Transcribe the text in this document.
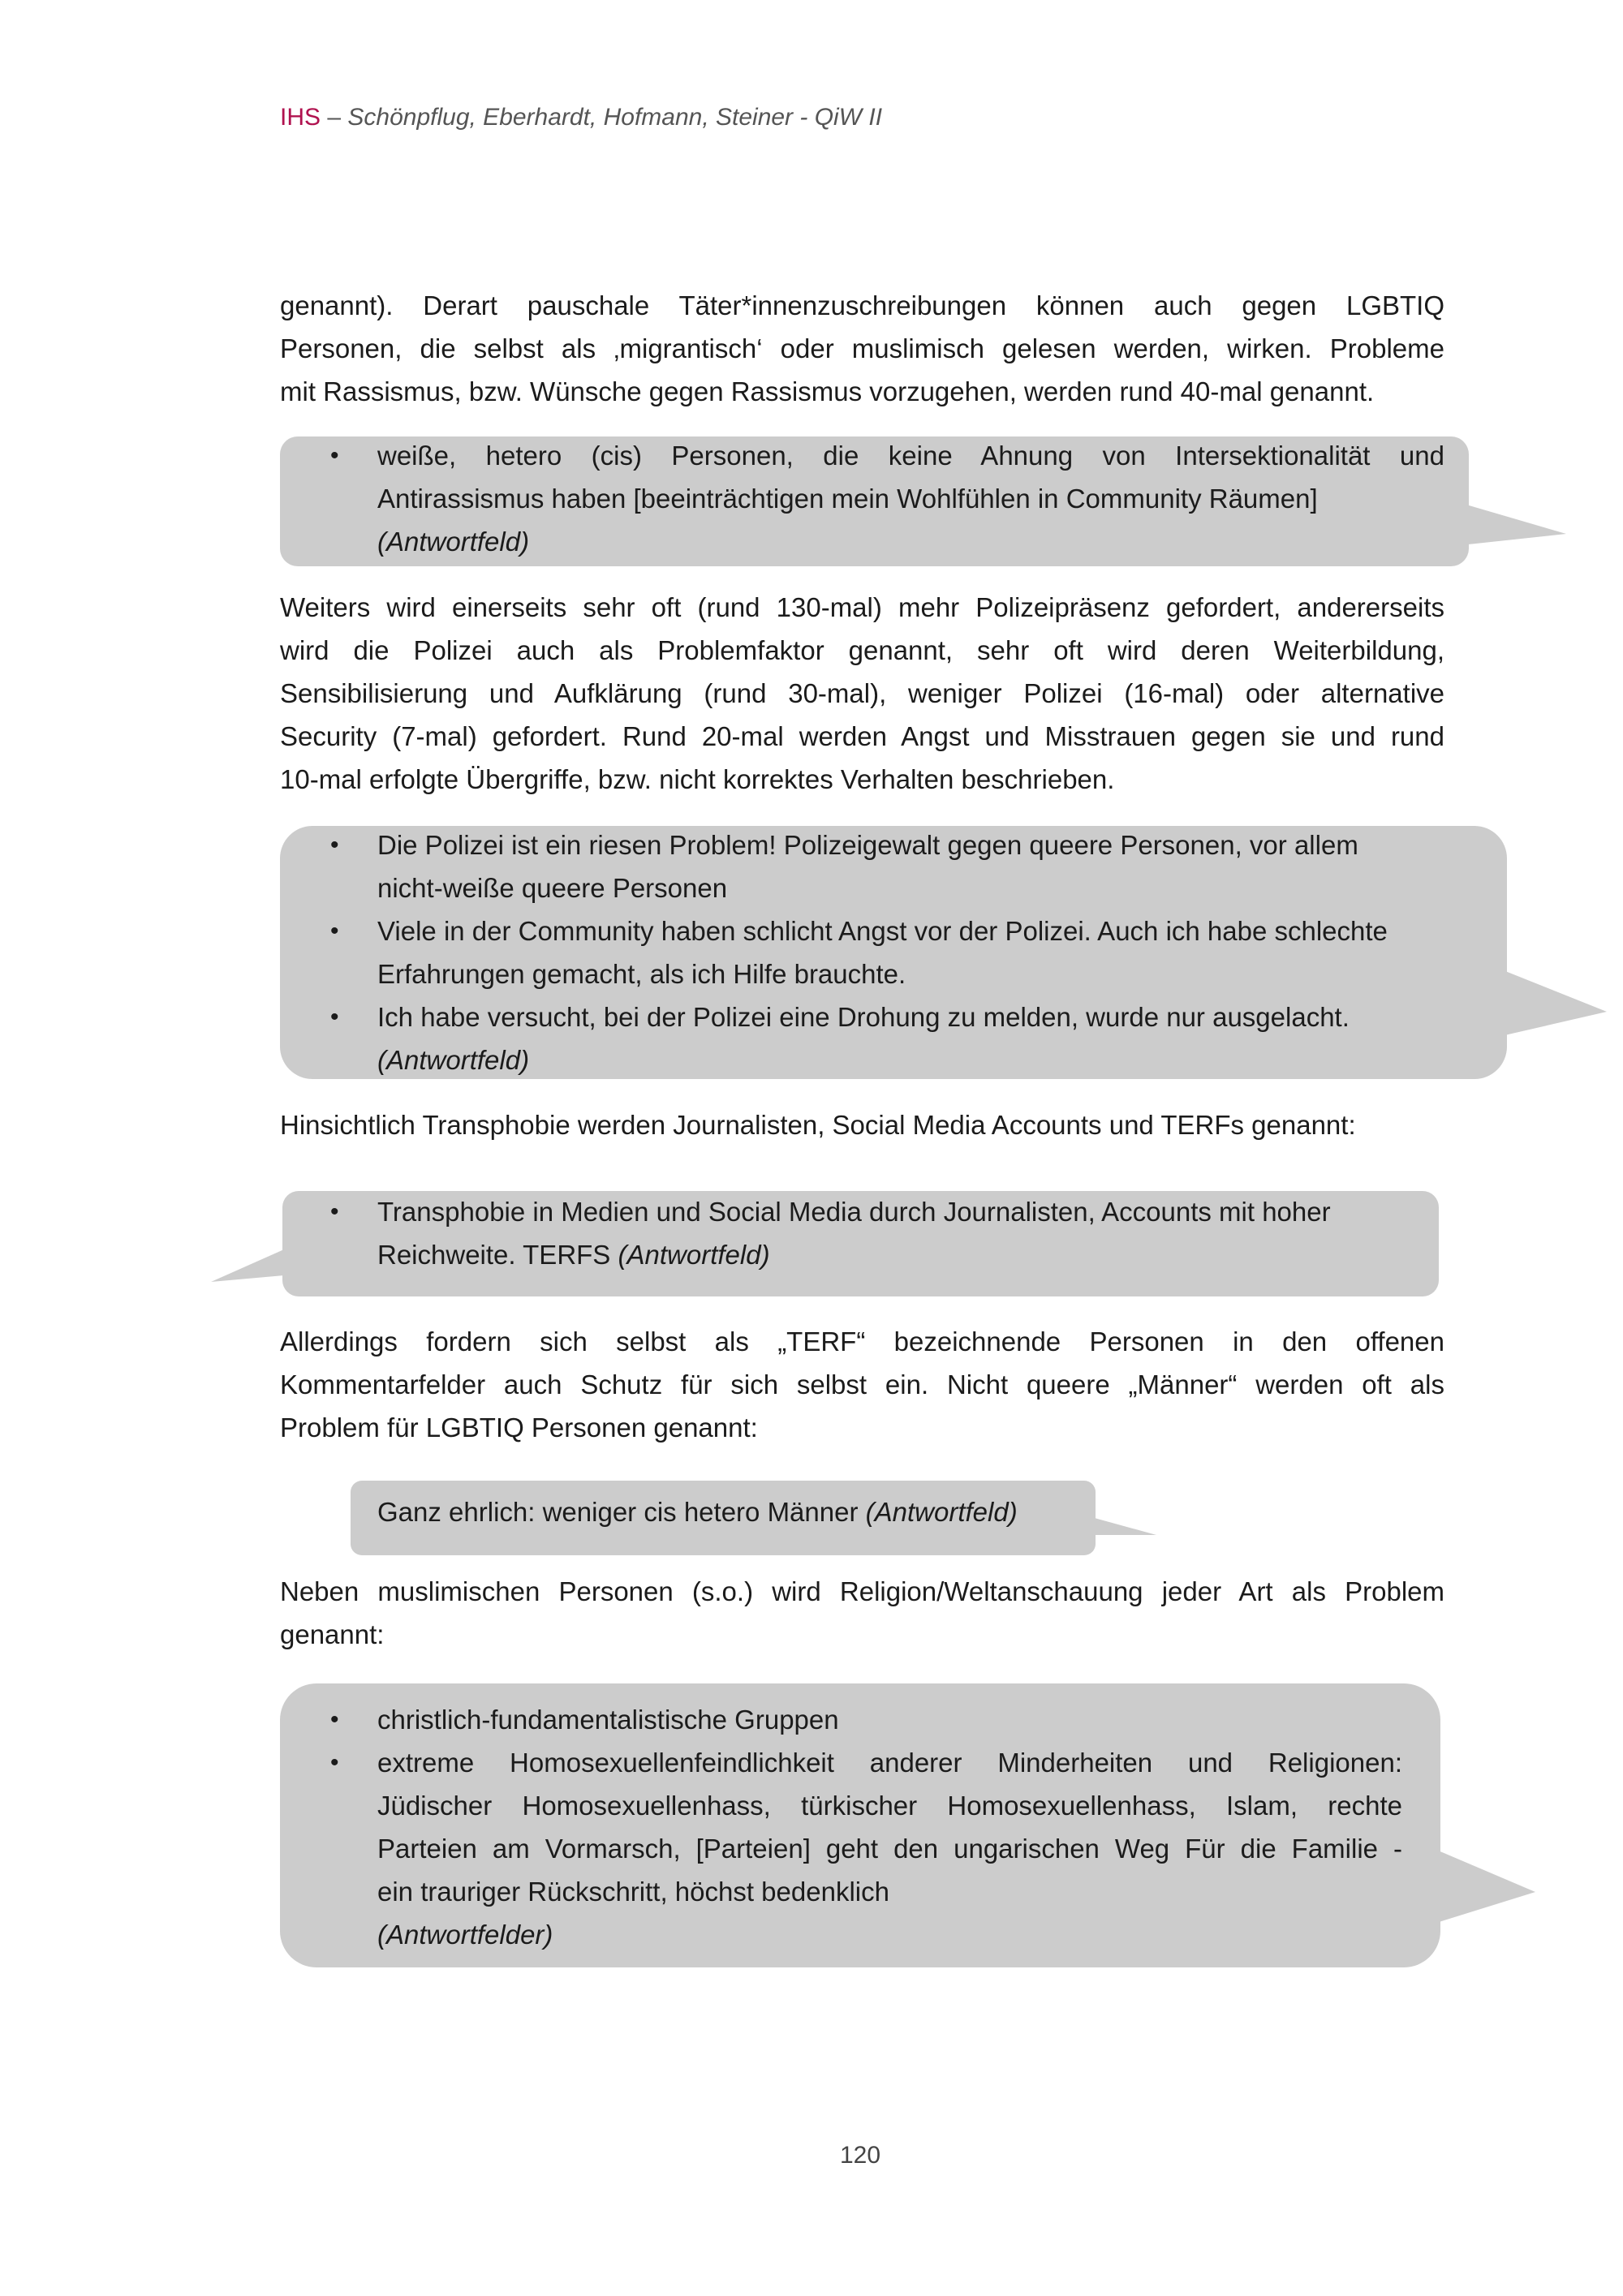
IHS – Schönpflug, Eberhardt, Hofmann, Steiner - QiW II
genannt). Derart pauschale Täter*innenzuschreibungen können auch gegen LGBTIQ
Personen, die selbst als ‚migrantisch‘ oder muslimisch gelesen werden, wirken. Probleme
mit Rassismus, bzw. Wünsche gegen Rassismus vorzugehen, werden rund 40-mal genannt.
• weiße, hetero (cis) Personen, die keine Ahnung von Intersektionalität und
Antirassismus haben [beeinträchtigen mein Wohlfühlen in Community Räumen]
(Antwortfeld)
Weiters wird einerseits sehr oft (rund 130-mal) mehr Polizeipräsenz gefordert, andererseits
wird die Polizei auch als Problemfaktor genannt, sehr oft wird deren Weiterbildung,
Sensibilisierung und Aufklärung (rund 30-mal), weniger Polizei (16-mal) oder alternative
Security (7-mal) gefordert. Rund 20-mal werden Angst und Misstrauen gegen sie und rund
10-mal erfolgte Übergriffe, bzw. nicht korrektes Verhalten beschrieben.
• Die Polizei ist ein riesen Problem! Polizeigewalt gegen queere Personen, vor allem
nicht-weiße queere Personen
• Viele in der Community haben schlicht Angst vor der Polizei. Auch ich habe schlechte
Erfahrungen gemacht, als ich Hilfe brauchte.
• Ich habe versucht, bei der Polizei eine Drohung zu melden, wurde nur ausgelacht.
(Antwortfeld)
Hinsichtlich Transphobie werden Journalisten, Social Media Accounts und TERFs genannt:
• Transphobie in Medien und Social Media durch Journalisten, Accounts mit hoher
Reichweite. TERFS (Antwortfeld)
Allerdings fordern sich selbst als „TERF“ bezeichnende Personen in den offenen
Kommentarfelder auch Schutz für sich selbst ein. Nicht queere „Männer“ werden oft als
Problem für LGBTIQ Personen genannt:
Ganz ehrlich: weniger cis hetero Männer (Antwortfeld)
Neben muslimischen Personen (s.o.) wird Religion/Weltanschauung jeder Art als Problem
genannt:
• christlich-fundamentalistische Gruppen
• extreme Homosexuellenfeindlichkeit anderer Minderheiten und Religionen:
Jüdischer Homosexuellenhass, türkischer Homosexuellenhass, Islam, rechte
Parteien am Vormarsch, [Parteien] geht den ungarischen Weg Für die Familie -
ein trauriger Rückschritt, höchst bedenklich
(Antwortfelder)
120
